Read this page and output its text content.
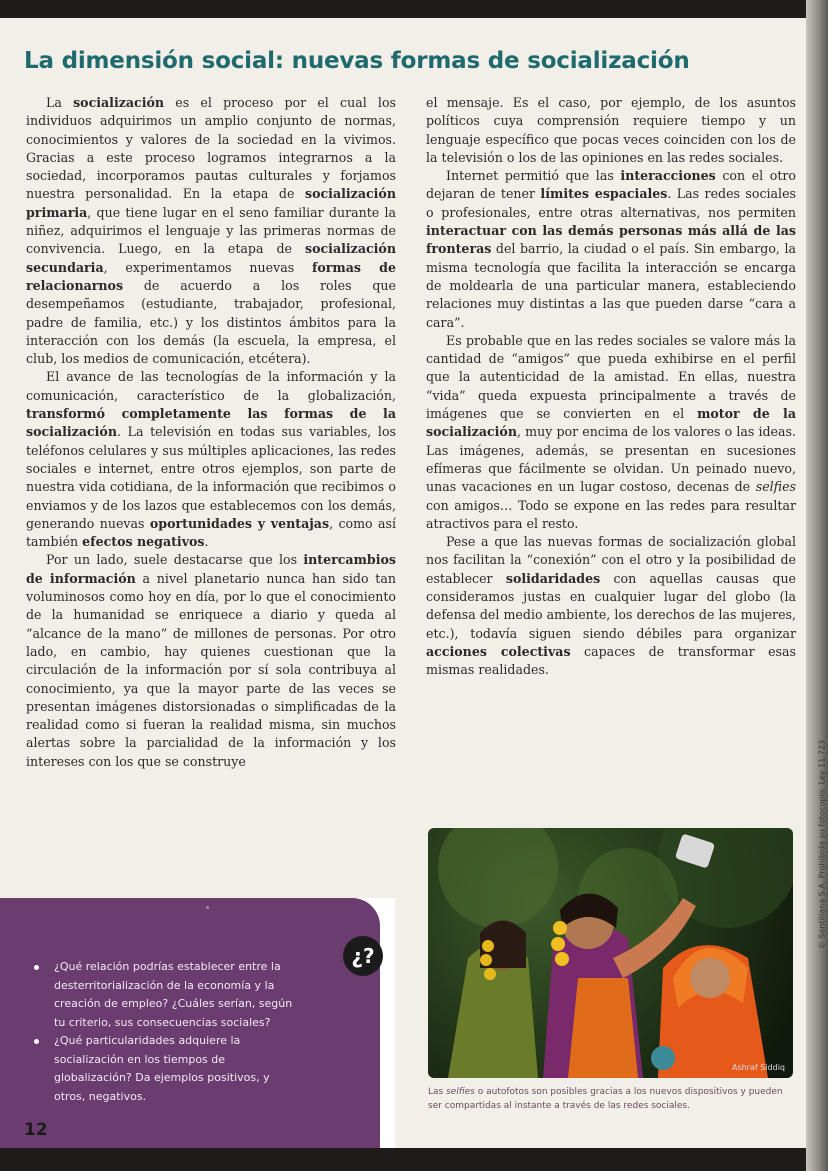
La dimensión social: nuevas formas de socialización

La socialización es el proceso por el cual los individuos adquirimos un amplio conjunto de normas, conocimientos y valores de la sociedad en la vivimos. Gracias a este proceso logramos integrarnos a la sociedad, incorporamos pautas culturales y forjamos nuestra personalidad. En la etapa de socialización primaria, que tiene lugar en el seno familiar durante la niñez, adquirimos el lenguaje y las primeras normas de convivencia. Luego, en la etapa de socialización secundaria, experimentamos nuevas formas de relacionarnos de acuerdo a los roles que desempeñamos (estudiante, trabajador, profesional, padre de familia, etc.) y los distintos ámbitos para la interacción con los demás (la escuela, la empresa, el club, los medios de comunicación, etcétera).

El avance de las tecnologías de la información y la comunicación, característico de la globalización, transformó completamente las formas de la socialización. La televisión en todas sus variables, los teléfonos celulares y sus múltiples aplicaciones, las redes sociales e internet, entre otros ejemplos, son parte de nuestra vida cotidiana, de la información que recibimos o enviamos y de los lazos que establecemos con los demás, generando nuevas oportunidades y ventajas, como así también efectos negativos.

Por un lado, suele destacarse que los intercambios de información a nivel planetario nunca han sido tan voluminosos como hoy en día, por lo que el conocimiento de la humanidad se enriquece a diario y queda al “alcance de la mano” de millones de personas. Por otro lado, en cambio, hay quienes cuestionan que la circulación de la información por sí sola contribuya al conocimiento, ya que la mayor parte de las veces se presentan imágenes distorsionadas o simplificadas de la realidad como si fueran la realidad misma, sin muchos alertas sobre la parcialidad de la información y los intereses con los que se construye

el mensaje. Es el caso, por ejemplo, de los asuntos políticos cuya comprensión requiere tiempo y un lenguaje específico que pocas veces coinciden con los de la televisión o los de las opiniones en las redes sociales.

Internet permitió que las interacciones con el otro dejaran de tener límites espaciales. Las redes sociales o profesionales, entre otras alternativas, nos permiten interactuar con las demás personas más allá de las fronteras del barrio, la ciudad o el país. Sin embargo, la misma tecnología que facilita la interacción se encarga de moldearla de una particular manera, estableciendo relaciones muy distintas a las que pueden darse “cara a cara”.

Es probable que en las redes sociales se valore más la cantidad de “amigos” que pueda exhibirse en el perfil que la autenticidad de la amistad. En ellas, nuestra “vida” queda expuesta principalmente a través de imágenes que se convierten en el motor de la socialización, muy por encima de los valores o las ideas. Las imágenes, además, se presentan en sucesiones efímeras que fácilmente se olvidan. Un peinado nuevo, unas vacaciones en un lugar costoso, decenas de selfies con amigos… Todo se expone en las redes para resultar atractivos para el resto.

Pese a que las nuevas formas de socialización global nos facilitan la “conexión” con el otro y la posibilidad de establecer solidaridades con aquellas causas que consideramos justas en cualquier lugar del globo (la defensa del medio ambiente, los derechos de las mujeres, etc.), todavía siguen siendo débiles para organizar acciones colectivas capaces de transformar esas mismas realidades.

¿?
¿Qué relación podrías establecer entre la desterritorialización de la economía y la creación de empleo? ¿Cuáles serían, según tu criterio, sus consecuencias sociales?
¿Qué particularidades adquiere la socialización en los tiempos de globalización? Da ejemplos positivos, y otros, negativos.
12
Ashraf Siddiq

Las selfies o autofotos son posibles gracias a los nuevos dispositivos y pueden ser compartidas al instante a través de las redes sociales.

© Santillana S.A. Prohibida su fotocopia. Ley 11.723
